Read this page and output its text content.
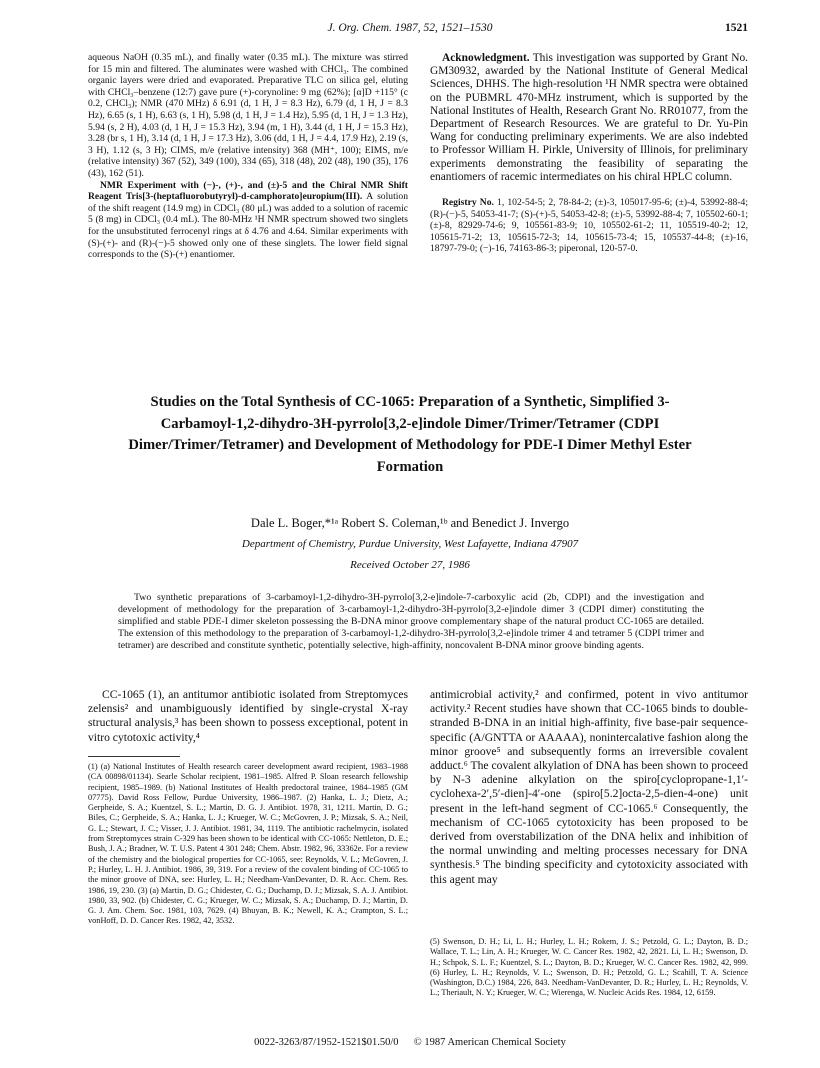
J. Org. Chem. 1987, 52, 1521–1530	1521

aqueous NaOH (0.35 mL), and finally water (0.35 mL). The mixture was stirred for 15 min and filtered. The aluminates were washed with CHCl₃. The combined organic layers were dried and evaporated. Preparative TLC on silica gel, eluting with CHCl₃–benzene (12:7) gave pure (+)-corynoline: 9 mg (62%); [α]D +115° (c 0.2, CHCl₃); NMR (470 MHz) δ 6.91 (d, 1 H, J = 8.3 Hz), 6.79 (d, 1 H, J = 8.3 Hz), 6.65 (s, 1 H), 6.63 (s, 1 H), 5.98 (d, 1 H, J = 1.4 Hz), 5.95 (d, 1 H, J = 1.3 Hz), 5.94 (s, 2 H), 4.03 (d, 1 H, J = 15.3 Hz), 3.94 (m, 1 H), 3.44 (d, 1 H, J = 15.3 Hz), 3.28 (br s, 1 H), 3.14 (d, 1 H, J = 17.3 Hz), 3.06 (dd, 1 H, J = 4.4, 17.9 Hz), 2.19 (s, 3 H), 1.12 (s, 3 H); CIMS, m/e (relative intensity) 368 (MH⁺, 100); EIMS, m/e (relative intensity) 367 (52), 349 (100), 334 (65), 318 (48), 202 (48), 190 (35), 176 (43), 162 (51).

NMR Experiment with (−)-, (+)-, and (±)-5 and the Chiral NMR Shift Reagent Tris[3-(heptafluorobutyryl)-d-camphorato]europium(III). A solution of the shift reagent (14.9 mg) in CDCl₃ (80 μL) was added to a solution of racemic 5 (8 mg) in CDCl₃ (0.4 mL). The 80-MHz ¹H NMR spectrum showed two singlets for the unsubstituted ferrocenyl rings at δ 4.76 and 4.64. Similar experiments with (S)-(+)- and (R)-(−)-5 showed only one of these singlets. The lower field signal corresponds to the (S)-(+) enantiomer.

Acknowledgment. This investigation was supported by Grant No. GM30932, awarded by the National Institute of General Medical Sciences, DHHS. The high-resolution ¹H NMR spectra were obtained on the PUBMRL 470-MHz instrument, which is supported by the National Institutes of Health, Research Grant No. RR01077, from the Department of Research Resources. We are grateful to Dr. Yu-Pin Wang for conducting preliminary experiments. We are also indebted to Professor William H. Pirkle, University of Illinois, for preliminary experiments demonstrating the feasibility of separating the enantiomers of racemic intermediates on his chiral HPLC column.

Registry No. 1, 102-54-5; 2, 78-84-2; (±)-3, 105017-95-6; (±)-4, 53992-88-4; (R)-(−)-5, 54053-41-7; (S)-(+)-5, 54053-42-8; (±)-5, 53992-88-4; 7, 105502-60-1; (±)-8, 82929-74-6; 9, 105561-83-9; 10, 105502-61-2; 11, 105519-40-2; 12, 105615-71-2; 13, 105615-72-3; 14, 105615-73-4; 15, 105537-44-8; (±)-16, 18797-79-0; (−)-16, 74163-86-3; piperonal, 120-57-0.

Studies on the Total Synthesis of CC-1065: Preparation of a Synthetic, Simplified 3-Carbamoyl-1,2-dihydro-3H-pyrrolo[3,2-e]indole Dimer/Trimer/Tetramer (CDPI Dimer/Trimer/Tetramer) and Development of Methodology for PDE-I Dimer Methyl Ester Formation
Dale L. Boger,*¹ᵃ Robert S. Coleman,¹ᵇ and Benedict J. Invergo
Department of Chemistry, Purdue University, West Lafayette, Indiana 47907
Received October 27, 1986
Two synthetic preparations of 3-carbamoyl-1,2-dihydro-3H-pyrrolo[3,2-e]indole-7-carboxylic acid (2b, CDPI) and the investigation and development of methodology for the preparation of 3-carbamoyl-1,2-dihydro-3H-pyrrolo[3,2-e]indole dimer 3 (CDPI dimer) constituting the simplified and stable PDE-I dimer skeleton possessing the B-DNA minor groove complementary shape of the natural product CC-1065 are detailed. The extension of this methodology to the preparation of 3-carbamoyl-1,2-dihydro-3H-pyrrolo[3,2-e]indole trimer 4 and tetramer 5 (CDPI trimer and tetramer) are described and constitute synthetic, potentially selective, high-affinity, noncovalent B-DNA minor groove binding agents.
CC-1065 (1), an antitumor antibiotic isolated from Streptomyces zelensis² and unambiguously identified by single-crystal X-ray structural analysis,³ has been shown to possess exceptional, potent in vitro cytotoxic activity,⁴
antimicrobial activity,² and confirmed, potent in vivo antitumor activity.² Recent studies have shown that CC-1065 binds to double-stranded B-DNA in an initial high-affinity, five base-pair sequence-specific (A/GNTTA or AAAAA), nonintercalative fashion along the minor groove⁵ and subsequently forms an irreversible covalent adduct.⁶ The covalent alkylation of DNA has been shown to proceed by N-3 adenine alkylation on the spiro[cyclopropane-1,1′-cyclohexa-2′,5′-dien]-4′-one (spiro[5.2]octa-2,5-dien-4-one) unit present in the left-hand segment of CC-1065.⁶ Consequently, the mechanism of CC-1065 cytotoxicity has been proposed to be derived from overstabilization of the DNA helix and inhibition of the normal unwinding and melting processes necessary for DNA synthesis.⁵ The binding specificity and cytotoxicity associated with this agent may
(1) (a) National Institutes of Health research career development award recipient, 1983–1988 (CA 00898/01134). Searle Scholar recipient, 1981–1985. Alfred P. Sloan research fellowship recipient, 1985–1989. (b) National Institutes of Health predoctoral trainee, 1984–1985 (GM 07775). David Ross Fellow, Purdue University, 1986–1987. (2) Hanka, L. J.; Dietz, A.; Gerpheide, S. A.; Kuentzel, S. L.; Martin, D. G. J. Antibiot. 1978, 31, 1211. Martin, D. G.; Biles, C.; Gerpheide, S. A.; Hanka, L. J.; Krueger, W. C.; McGovren, J. P.; Mizsak, S. A.; Neil, G. L.; Stewart, J. C.; Visser, J. J. Antibiot. 1981, 34, 1119. The antibiotic rachelmycin, isolated from Streptomyces strain C-329 has been shown to be identical with CC-1065: Nettleton, D. E.; Bush, J. A.; Bradner, W. T. U.S. Patent 4 301 248; Chem. Abstr. 1982, 96, 33362e. For a review of the chemistry and the biological properties for CC-1065, see: Reynolds, V. L.; McGovren, J. P.; Hurley, L. H. J. Antibiot. 1986, 39, 319. For a review of the covalent binding of CC-1065 to the minor groove of DNA, see: Hurley, L. H.; Needham-VanDevanter, D. R. Acc. Chem. Res. 1986, 19, 230. (3) (a) Martin, D. G.; Chidester, C. G.; Duchamp, D. J.; Mizsak, S. A. J. Antibiot. 1980, 33, 902. (b) Chidester, C. G.; Krueger, W. C.; Mizsak, S. A.; Duchamp, D. J.; Martin, D. G. J. Am. Chem. Soc. 1981, 103, 7629. (4) Bhuyan, B. K.; Newell, K. A.; Crampton, S. L.; vonHoff, D. D. Cancer Res. 1982, 42, 3532.
(5) Swenson, D. H.; Li, L. H.; Hurley, L. H.; Rokem, J. S.; Petzold, G. L.; Dayton, B. D.; Wallace, T. L.; Lin, A. H.; Krueger, W. C. Cancer Res. 1982, 42, 2821. Li, L. H.; Swenson, D. H.; Schpok, S. L. F.; Kuentzel, S. L.; Dayton, B. D.; Krueger, W. C. Cancer Res. 1982, 42, 999. (6) Hurley, L. H.; Reynolds, V. L.; Swenson, D. H.; Petzold, G. L.; Scahill, T. A. Science (Washington, D.C.) 1984, 226, 843. Needham-VanDevanter, D. R.; Hurley, L. H.; Reynolds, V. L.; Theriault, N. Y.; Krueger, W. C.; Wierenga, W. Nucleic Acids Res. 1984, 12, 6159.
0022-3263/87/1952-1521$01.50/0 © 1987 American Chemical Society
